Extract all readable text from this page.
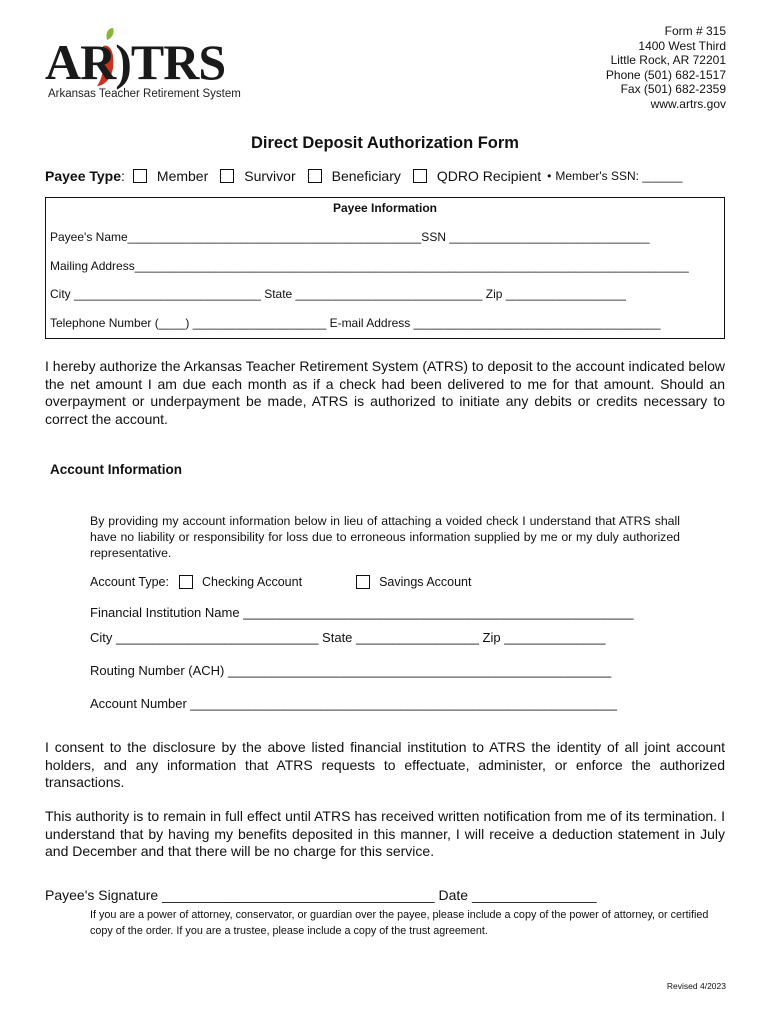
AR)TRS
Arkansas Teacher Retirement System
Form # 315
1400 West Third
Little Rock, AR 72201
Phone (501) 682-1517
Fax (501) 682-2359
www.artrs.gov
Direct Deposit Authorization Form
Payee Type: Member	Survivor	Beneficiary	QDRO Recipient • Member's SSN: ______
Payee Information
Payee's Name____________________________________________SSN ______________________________
Mailing Address___________________________________________________________________________________
City ____________________________ State ____________________________ Zip __________________
Telephone Number (____) ____________________ E-mail Address _____________________________________
I hereby authorize the Arkansas Teacher Retirement System (ATRS) to deposit to the account indicated below the net amount I am due each month as if a check had been delivered to me for that amount. Should an overpayment or underpayment be made, ATRS is authorized to initiate any debits or credits necessary to correct the account.
Account Information
By providing my account information below in lieu of attaching a voided check I understand that ATRS shall have no liability or responsibility for loss due to erroneous information supplied by me or my duly authorized representative.
Account Type:	Checking Account	Savings Account
Financial Institution Name ______________________________________________________
City ____________________________ State _________________ Zip ______________
Routing Number (ACH) _____________________________________________________
Account Number ___________________________________________________________
I consent to the disclosure by the above listed financial institution to ATRS the identity of all joint account holders, and any information that ATRS requests to effectuate, administer, or enforce the authorized transactions.
This authority is to remain in full effect until ATRS has received written notification from me of its termination. I understand that by having my benefits deposited in this manner, I will receive a deduction statement in July and December and that there will be no charge for this service.
Payee's Signature ___________________________________ Date ________________
If you are a power of attorney, conservator, or guardian over the payee, please include a copy of the power of attorney, or certified copy of the order. If you are a trustee, please include a copy of the trust agreement.
Revised 4/2023
